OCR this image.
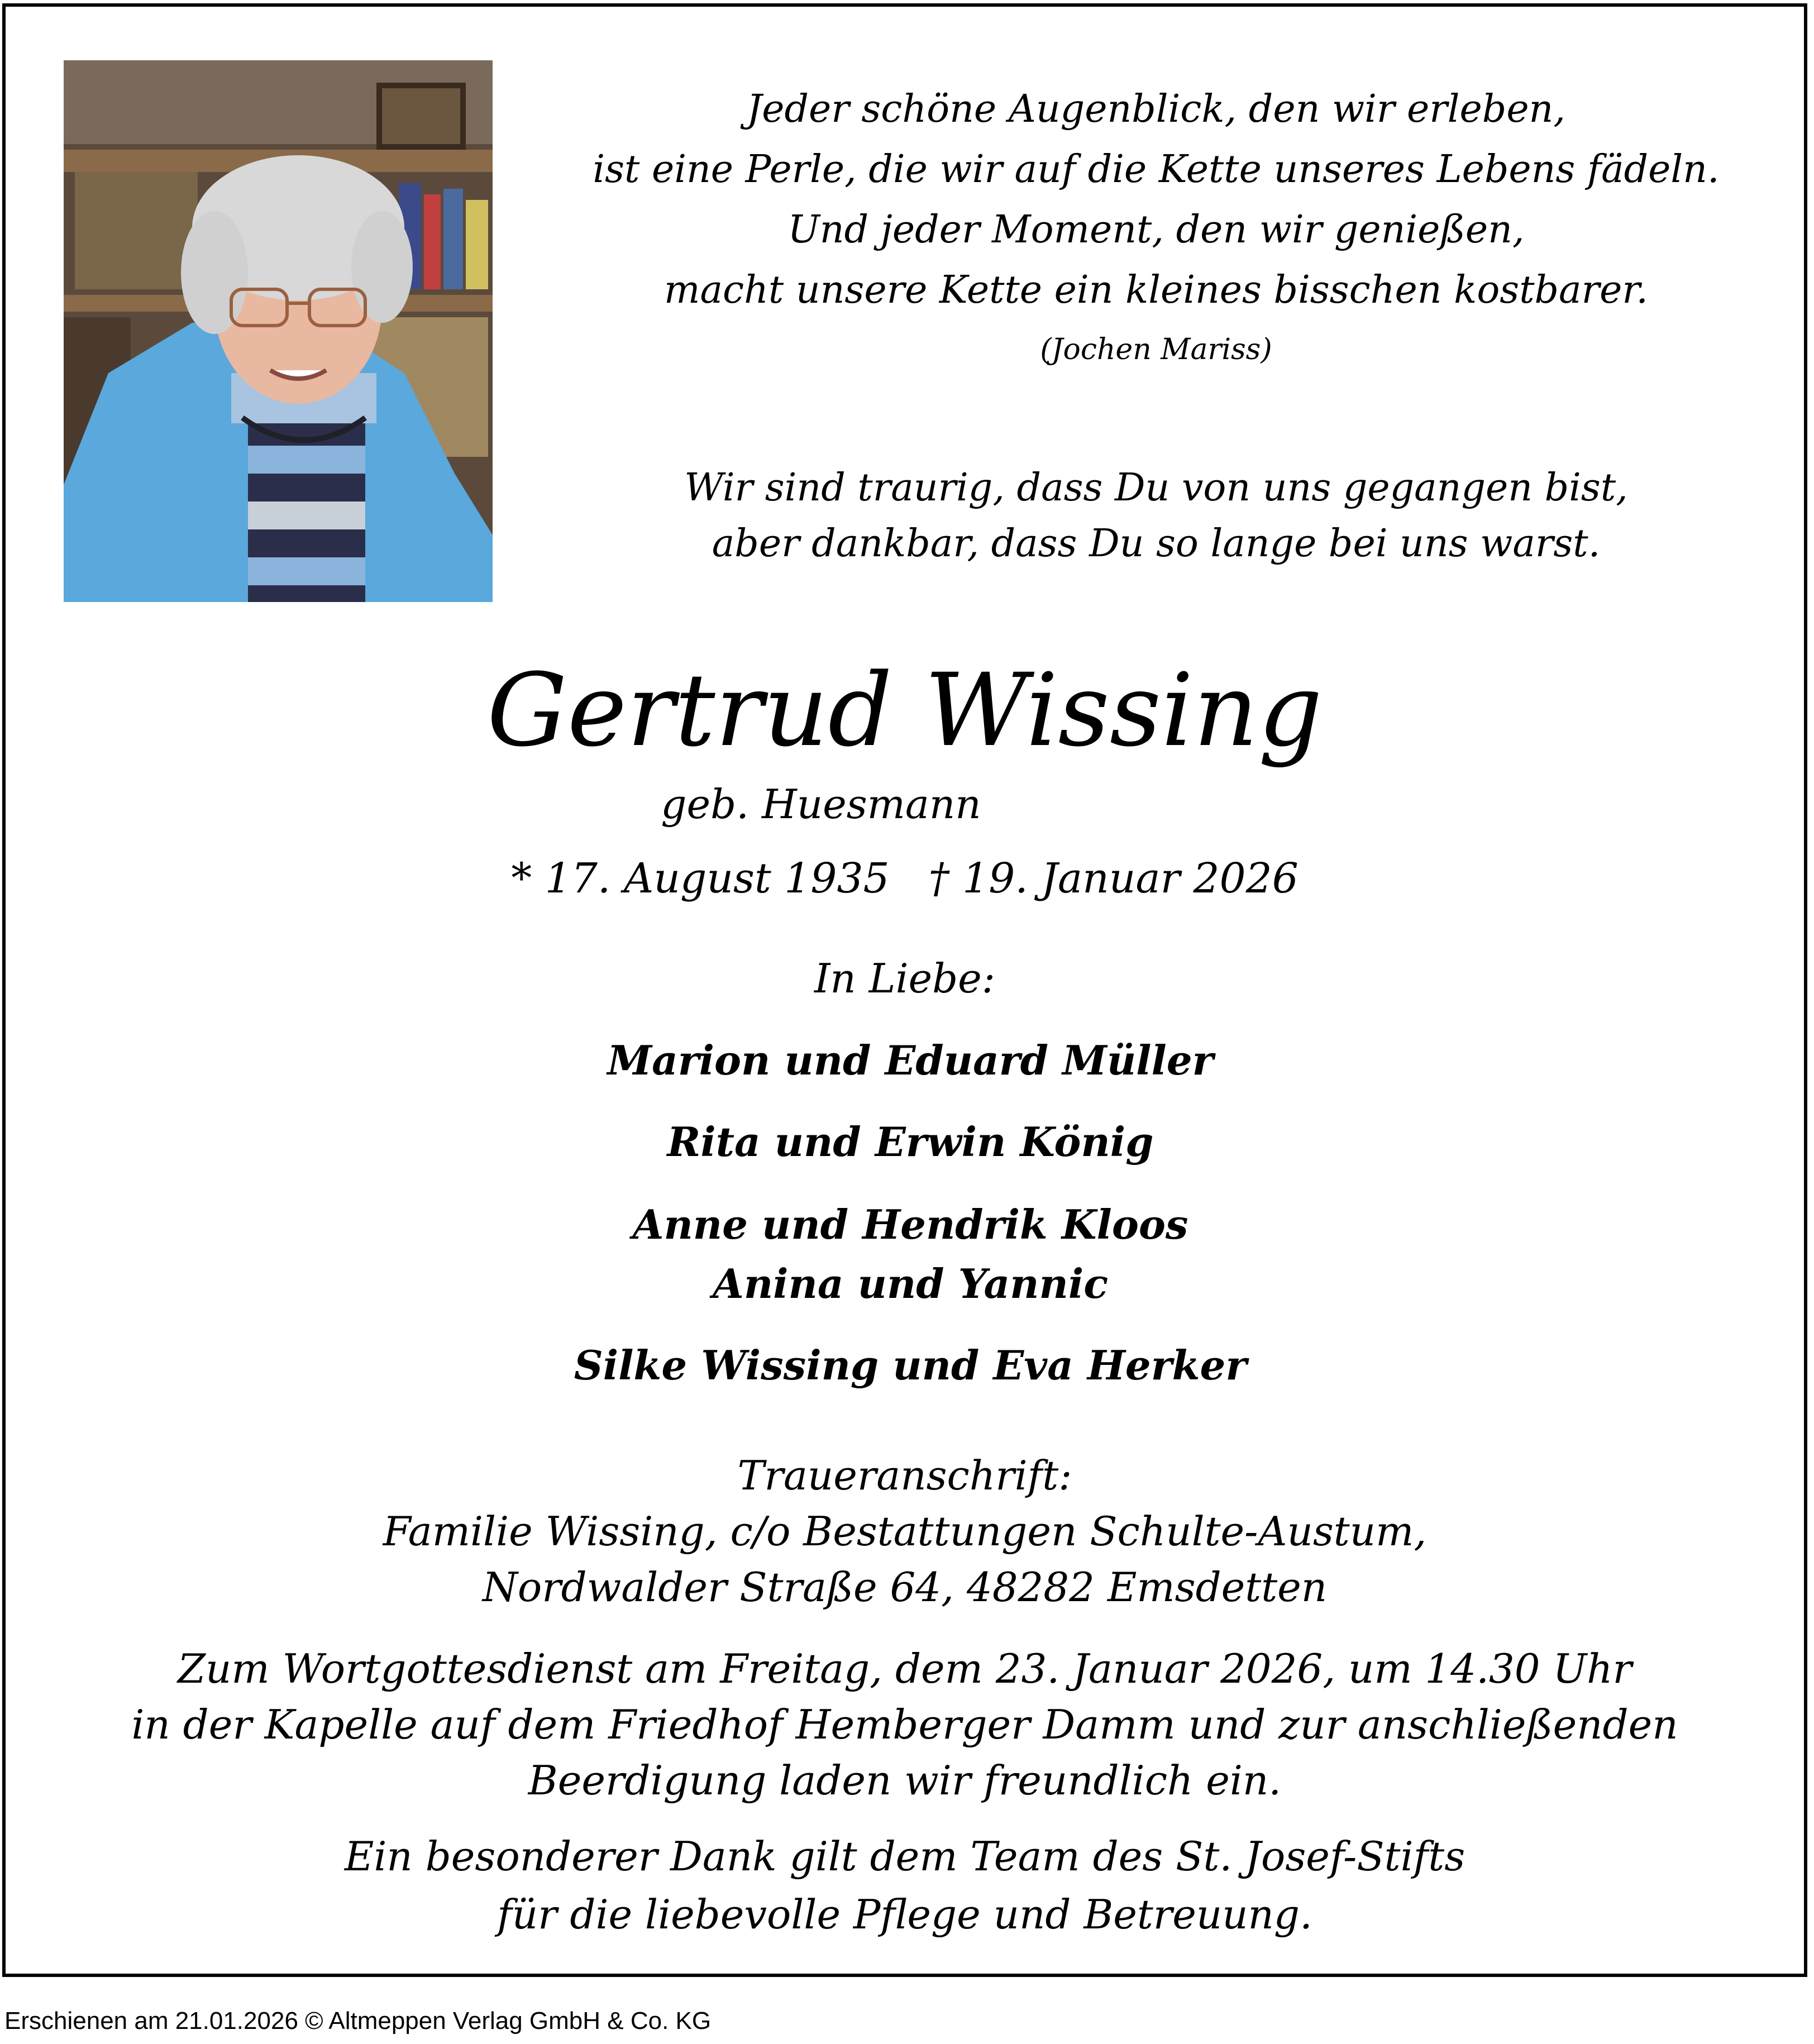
Jeder schöne Augenblick, den wir erleben,
ist eine Perle, die wir auf die Kette unseres Lebens fädeln.
Und jeder Moment, den wir genießen,
macht unsere Kette ein kleines bisschen kostbarer.
(Jochen Mariss)
Wir sind traurig, dass Du von uns gegangen bist,
aber dankbar, dass Du so lange bei uns warst.
Gertrud Wissing
geb. Huesmann
* 17. August 1935 † 19. Januar 2026
In Liebe:
Marion und Eduard Müller
Rita und Erwin König
Anne und Hendrik Kloos
Anina und Yannic
Silke Wissing und Eva Herker
Traueranschrift:
Familie Wissing, c/o Bestattungen Schulte-Austum,
Nordwalder Straße 64, 48282 Emsdetten
Zum Wortgottesdienst am Freitag, dem 23. Januar 2026, um 14.30 Uhr
in der Kapelle auf dem Friedhof Hemberger Damm und zur anschließenden
Beerdigung laden wir freundlich ein.
Ein besonderer Dank gilt dem Team des St. Josef-Stifts
für die liebevolle Pflege und Betreuung.
Erschienen am 21.01.2026 © Altmeppen Verlag GmbH & Co. KG
